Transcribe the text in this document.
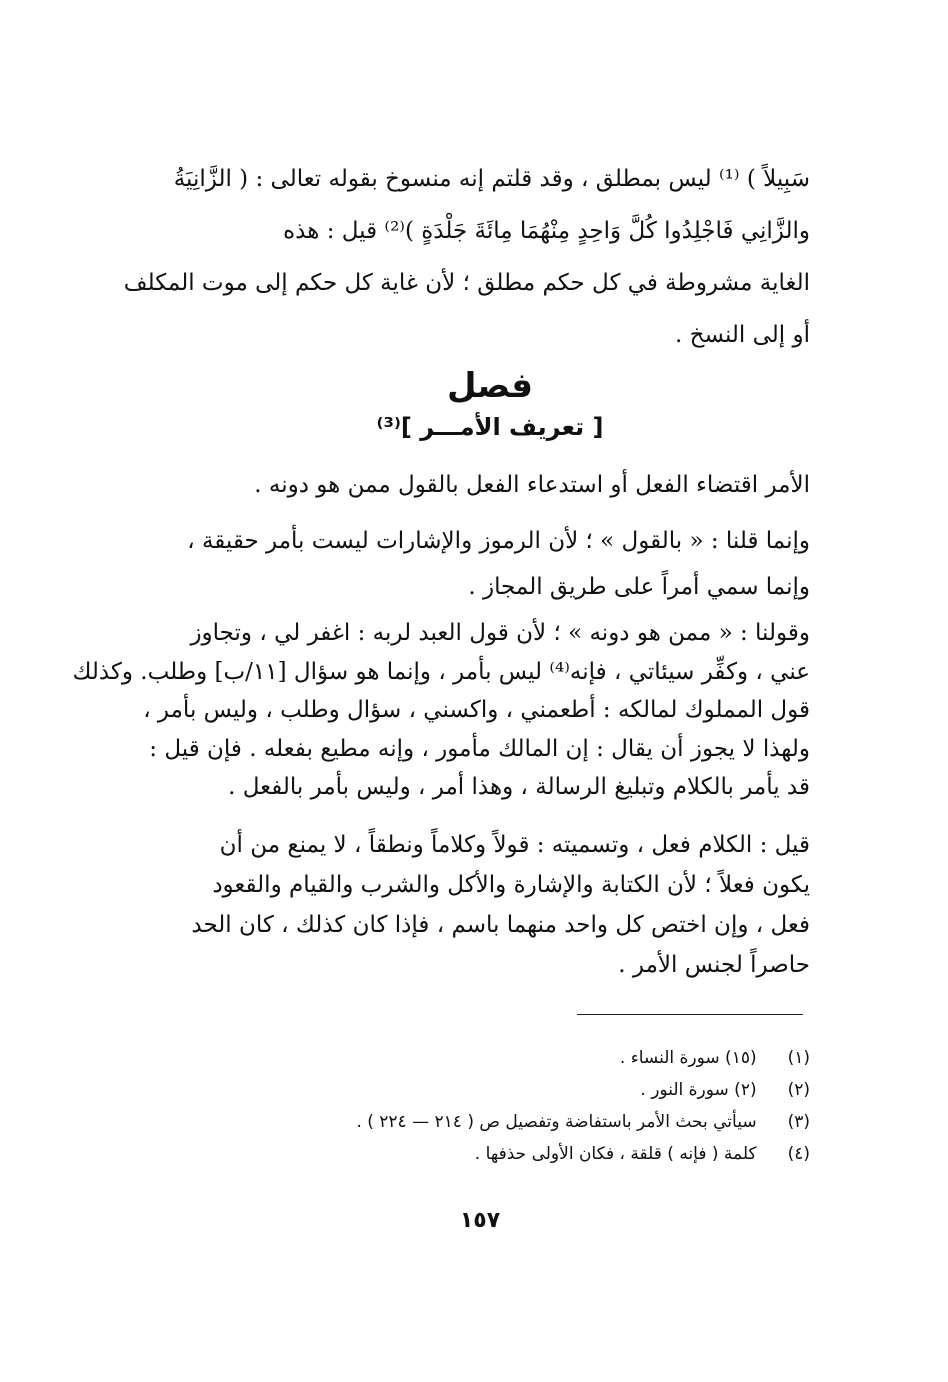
سَبِيلاً ) ⁽¹⁾ ليس بمطلق ، وقد قلتم إنه منسوخ بقوله تعالى : ( الزَّانِيَةُ
والزَّانِي فَاجْلِدُوا كُلَّ وَاحِدٍ مِنْهُمَا مِائَةَ جَلْدَةٍ )⁽²⁾ قيل : هذه
الغاية مشروطة في كل حكم مطلق ؛ لأن غاية كل حكم إلى موت المكلف
أو إلى النسخ .
فصل
[ تعريف الأمـــر ]⁽³⁾
الأمر اقتضاء الفعل أو استدعاء الفعل بالقول ممن هو دونه .
وإنما قلنا : « بالقول » ؛ لأن الرموز والإشارات ليست بأمر حقيقة ،
وإنما سمي أمراً على طريق المجاز .
وقولنا : « ممن هو دونه » ؛ لأن قول العبد لربه : اغفر لي ، وتجاوز
عني ، وكفِّر سيئاتي ، فإنه⁽⁴⁾ ليس بأمر ، وإنما هو سؤال [١١/ب] وطلب. وكذلك
قول المملوك لمالكه : أطعمني ، واكسني ، سؤال وطلب ، وليس بأمر ،
ولهذا لا يجوز أن يقال : إن المالك مأمور ، وإنه مطيع بفعله . فإن قيل :
قد يأمر بالكلام وتبليغ الرسالة ، وهذا أمر ، وليس بأمر بالفعل .
قيل : الكلام فعل ، وتسميته : قولاً وكلاماً ونطقاً ، لا يمنع من أن
يكون فعلاً ؛ لأن الكتابة والإشارة والأكل والشرب والقيام والقعود
فعل ، وإن اختص كل واحد منهما باسم ، فإذا كان كذلك ، كان الحد
حاصراً لجنس الأمر .
(١) (١٥) سورة النساء .
(٢) (٢) سورة النور .
(٣) سيأتي بحث الأمر باستفاضة وتفصيل ص ( ٢١٤ — ٢٢٤ ) .
(٤) كلمة ( فإنه ) قلقة ، فكان الأولى حذفها .
١٥٧
